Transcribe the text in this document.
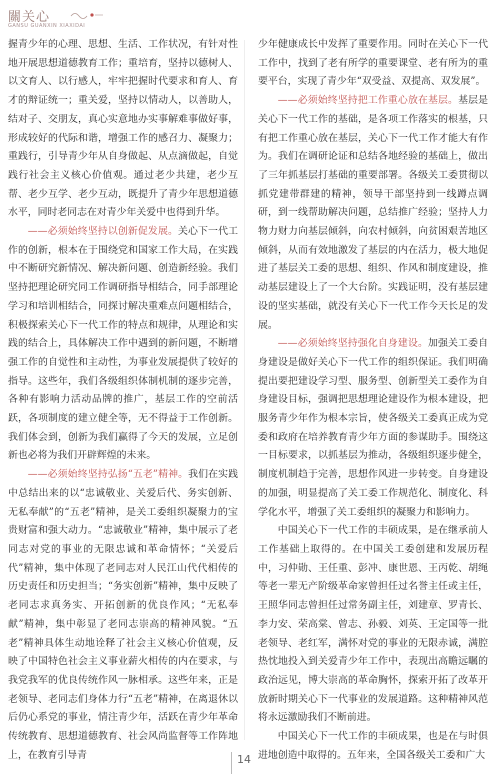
關关心
GANSU GUANXIN XIAXIDAI

握青少年的心理、思想、生活、工作状况，有针对性地开展思想道德教育工作；重培育，坚持以德树人、以文育人、以行感人，牢牢把握时代要求和育人、育才的辩证统一；重关爱，坚持以情动人，以善助人，结对子、交朋友，真心实意地办实事解难事做好事，形成较好的代际和谐，增强工作的感召力、凝聚力；重践行，引导青少年从自身做起、从点滴做起，自觉践行社会主义核心价值观。通过老少共建，老少互帮、老少互学、老少互动，既提升了青少年思想道德水平，同时老同志在对青少年关爱中也得到升华。

——必须始终坚持以创新促发展。关心下一代工作的创新，根本在于围绕党和国家工作大局，在实践中不断研究新情况、解决新问题、创造新经验。我们坚持把理论研究同工作调研指导相结合，同手部理论学习和培训相结合，同探讨解决重难点问题相结合，积极探索关心下一代工作的特点和规律，从理论和实践的结合上，具体解决工作中遇到的新问题，不断增强工作的自觉性和主动性，为事业发展提供了较好的指导。这些年，我们各级组织体制机制的逐步完善，各种有影响力活动品牌的推广，基层工作的空前活跃，各项制度的建立健全等，无不得益于工作创新。我们体会到，创新为我们赢得了今天的发展，立足创新也必将为我们开辟辉煌的未来。

——必须始终坚持弘扬“五老”精神。我们在实践中总结出来的以“忠诚敬业、关爱后代、务实创新、无私奉献”的“五老”精神，是关工委组织凝聚力的宝贵财富和强大动力。“忠诚敬业”精神，集中展示了老同志对党的事业的无限忠诚和革命情怀；“关爱后代”精神，集中体现了老同志对人民江山代代相传的历史责任和历史担当；“务实创新”精神，集中反映了老同志求真务实、开拓创新的优良作风；“无私奉献”精神，集中彰显了老同志崇高的精神风貌。“五老”精神具体生动地诠释了社会主义核心价值观，反映了中国特色社会主义事业薪火相传的内在要求，与我党我军的优良传统作风一脉相承。这些年来，正是老领导、老同志们身体力行“五老”精神，在离退休以后仍心系党的事业，情注青少年，活跃在青少年革命传统教育、思想道德教育、社会风尚监督等工作阵地上，在教育引导青

少年健康成长中发挥了重要作用。同时在关心下一代工作中，找到了老有所学的重要课堂、老有所为的重要平台，实现了青少年“双受益、双提高、双发展”。

——必须始终坚持把工作重心放在基层。基层是关心下一代工作的基础，是各项工作落实的根基，只有把工作重心放在基层，关心下一代工作才能大有作为。我们在调研论证和总结各地经验的基础上，做出了三年抓基层打基础的重要部署。各级关工委贯彻以抓党建带群建的精神，领导干部坚持到一线蹲点调研，到一线帮助解决问题，总结推广经验；坚持人力物力财力向基层倾斜，向农村倾斜，向贫困艰苦地区倾斜，从而有效地激发了基层的内在活力，极大地促进了基层关工委的思想、组织、作风和制度建设，推动基层建设上了一个大台阶。实践证明，没有基层建设的坚实基础，就没有关心下一代工作今天长足的发展。

——必须始终坚持强化自身建设。加强关工委自身建设是做好关心下一代工作的组织保证。我们明确提出要把建设学习型、服务型、创新型关工委作为自身建设目标，强调把思想理论建设作为根本建设，把服务青少年作为根本宗旨，使各级关工委真正成为党委和政府在培养教育青少年方面的参谋助手。围绕这一目标要求，以抓基层为推动，各级组织逐步健全，制度机制趋于完善，思想作风进一步转变。自身建设的加强，明显提高了关工委工作规范化、制度化、科学化水平，增强了关工委组织的凝聚力和影响力。

中国关心下一代工作的丰硕成果，是在继承前人工作基础上取得的。在中国关工委创建和发展历程中，习仲勋、王任重、彭冲、康世恩、王丙乾、胡绳等老一辈无产阶级革命家曾担任过名誉主任或主任，王照华同志曾担任过常务副主任，刘建章、罗青长、李力安、荣高棠、曾志、孙毅、刘英、王定国等一批老领导、老红军，满怀对党的事业的无限赤诚，满腔热忱地投入到关爱青少年工作中，表现出高瞻远瞩的政治远见，博大崇高的革命胸怀，探索开拓了改革开放新时期关心下一代事业的发展道路。这种精神风范将永远激励我们不断前进。

中国关心下一代工作的丰硕成果，也是在与时俱进地创造中取得的。五年来，全国各级关工委和广大

14
